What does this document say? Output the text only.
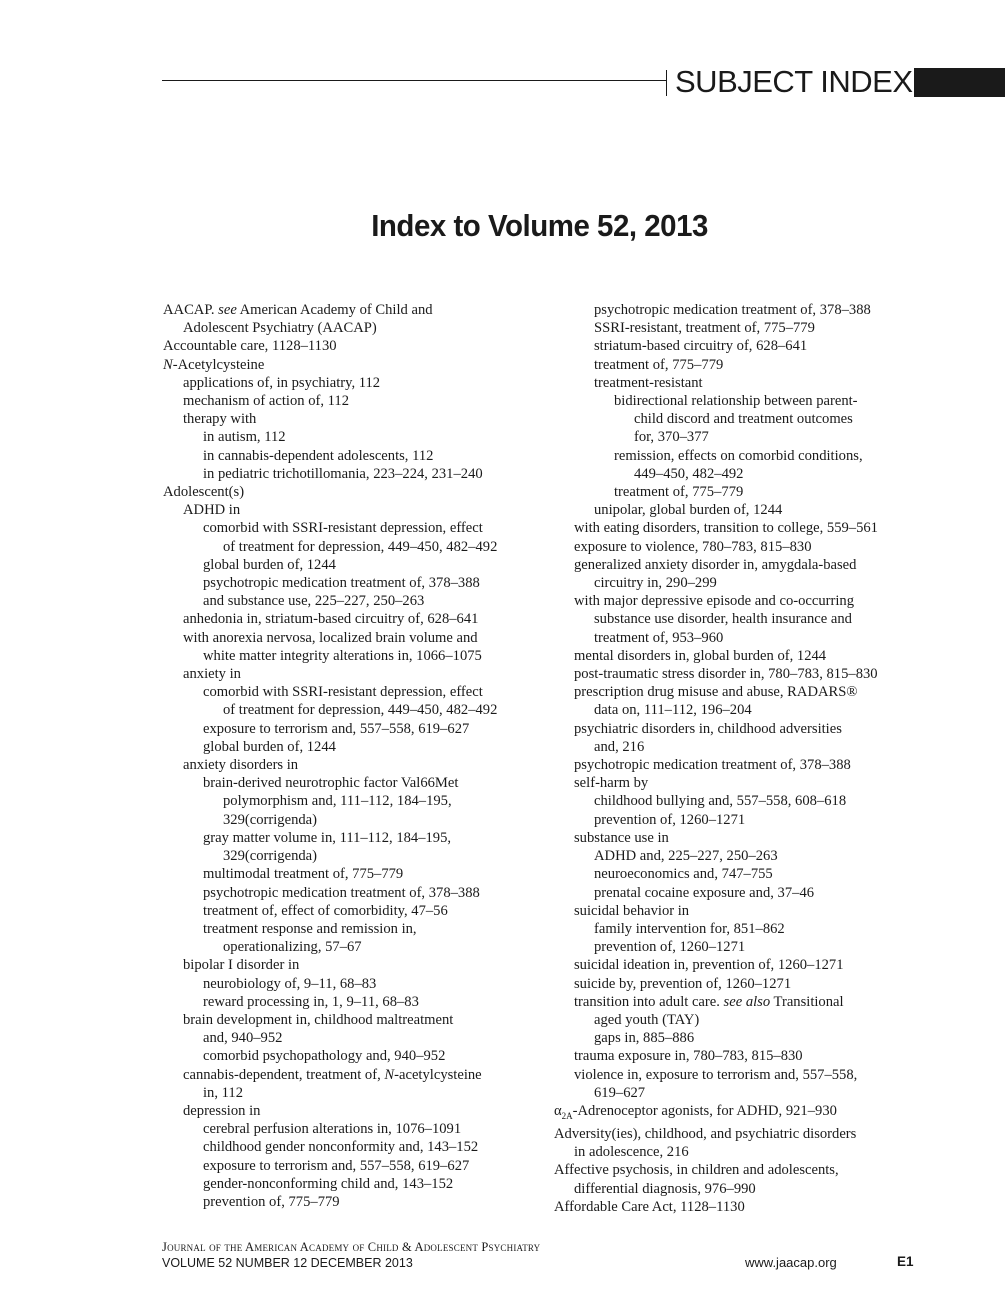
SUBJECT INDEX
Index to Volume 52, 2013
AACAP. see American Academy of Child and
Adolescent Psychiatry (AACAP)
Accountable care, 1128–1130
N-Acetylcysteine
applications of, in psychiatry, 112
mechanism of action of, 112
therapy with
in autism, 112
in cannabis-dependent adolescents, 112
in pediatric trichotillomania, 223–224, 231–240
Adolescent(s)
ADHD in
comorbid with SSRI-resistant depression, effect
of treatment for depression, 449–450, 482–492
global burden of, 1244
psychotropic medication treatment of, 378–388
and substance use, 225–227, 250–263
anhedonia in, striatum-based circuitry of, 628–641
with anorexia nervosa, localized brain volume and
white matter integrity alterations in, 1066–1075
anxiety in
comorbid with SSRI-resistant depression, effect
of treatment for depression, 449–450, 482–492
exposure to terrorism and, 557–558, 619–627
global burden of, 1244
anxiety disorders in
brain-derived neurotrophic factor Val66Met
polymorphism and, 111–112, 184–195,
329(corrigenda)
gray matter volume in, 111–112, 184–195,
329(corrigenda)
multimodal treatment of, 775–779
psychotropic medication treatment of, 378–388
treatment of, effect of comorbidity, 47–56
treatment response and remission in,
operationalizing, 57–67
bipolar I disorder in
neurobiology of, 9–11, 68–83
reward processing in, 1, 9–11, 68–83
brain development in, childhood maltreatment
and, 940–952
comorbid psychopathology and, 940–952
cannabis-dependent, treatment of, N-acetylcysteine
in, 112
depression in
cerebral perfusion alterations in, 1076–1091
childhood gender nonconformity and, 143–152
exposure to terrorism and, 557–558, 619–627
gender-nonconforming child and, 143–152
prevention of, 775–779
psychotropic medication treatment of, 378–388
SSRI-resistant, treatment of, 775–779
striatum-based circuitry of, 628–641
treatment of, 775–779
treatment-resistant
bidirectional relationship between parent-
child discord and treatment outcomes
for, 370–377
remission, effects on comorbid conditions,
449–450, 482–492
treatment of, 775–779
unipolar, global burden of, 1244
with eating disorders, transition to college, 559–561
exposure to violence, 780–783, 815–830
generalized anxiety disorder in, amygdala-based
circuitry in, 290–299
with major depressive episode and co-occurring
substance use disorder, health insurance and
treatment of, 953–960
mental disorders in, global burden of, 1244
post-traumatic stress disorder in, 780–783, 815–830
prescription drug misuse and abuse, RADARS®
data on, 111–112, 196–204
psychiatric disorders in, childhood adversities
and, 216
psychotropic medication treatment of, 378–388
self-harm by
childhood bullying and, 557–558, 608–618
prevention of, 1260–1271
substance use in
ADHD and, 225–227, 250–263
neuroeconomics and, 747–755
prenatal cocaine exposure and, 37–46
suicidal behavior in
family intervention for, 851–862
prevention of, 1260–1271
suicidal ideation in, prevention of, 1260–1271
suicide by, prevention of, 1260–1271
transition into adult care. see also Transitional
aged youth (TAY)
gaps in, 885–886
trauma exposure in, 780–783, 815–830
violence in, exposure to terrorism and, 557–558,
619–627
$\alpha_{2A}$-Adrenoceptor agonists, for ADHD, 921–930
Adversity(ies), childhood, and psychiatric disorders
in adolescence, 216
Affective psychosis, in children and adolescents,
differential diagnosis, 976–990
Affordable Care Act, 1128–1130
Journal of the American Academy of Child & Adolescent Psychiatry
VOLUME 52 NUMBER 12 DECEMBER 2013	www.jaacap.org	E1
